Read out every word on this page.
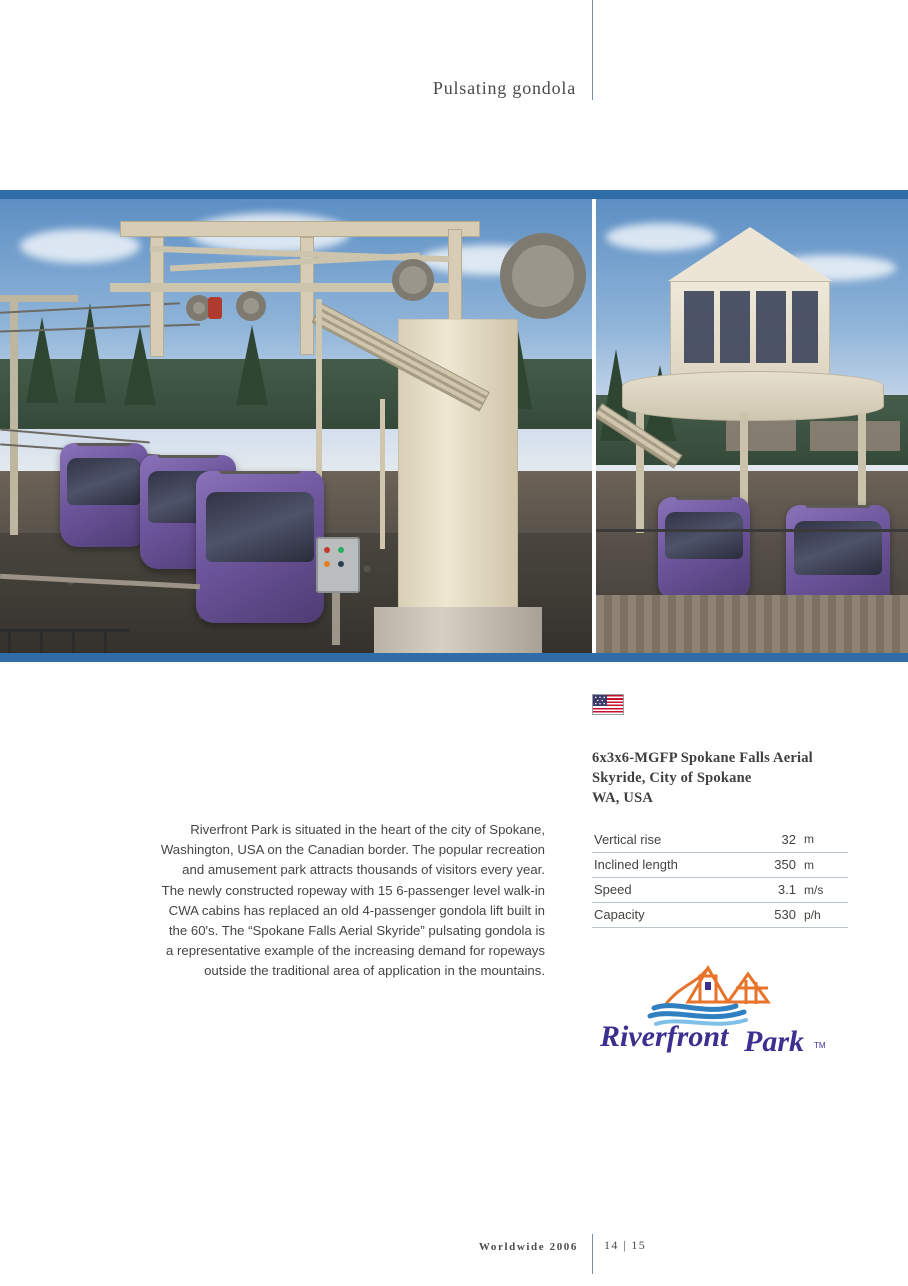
Pulsating gondola
6x3x6-MGFP Spokane Falls Aerial
Skyride, City of Spokane
WA, USA
Vertical rise	32	m
Inclined length	350	m
Speed	3.1	m/s
Capacity	530	p/h
Riverfront Park is situated in the heart of the city of Spokane, Washington, USA on the Canadian border. The popular recreation and amusement park attracts thousands of visitors every year. The newly constructed ropeway with 15 6-passenger level walk-in CWA cabins has replaced an old 4-passenger gondola lift built in the 60's. The “Spokane Falls Aerial Skyride” pulsating gondola is a representative example of the increasing demand for ropeways outside the traditional area of application in the mountains.
Riverfront Park TM
Worldwide 2006 14 | 15
